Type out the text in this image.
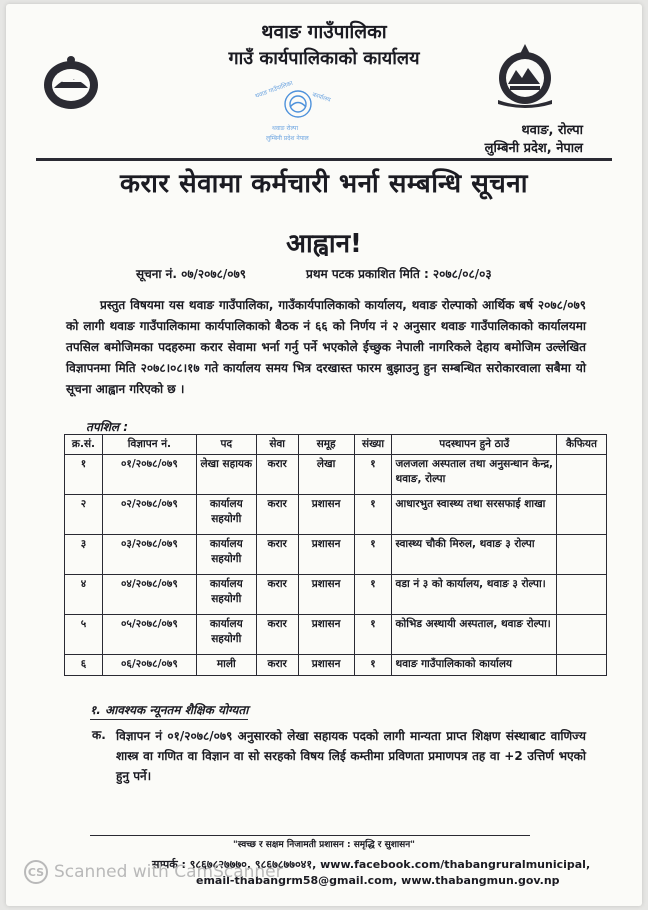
थवाङ गाउँपालिका
गाउँ कार्यपालिकाको कार्यालय
थवाङ गाउँपालिका	कार्यालय
थवाङ रोल्पा
लुम्बिनी प्रदेश नेपाल
थवाङ, रोल्पा
लुम्बिनी प्रदेश, नेपाल
करार सेवामा कर्मचारी भर्ना सम्बन्धि सूचना
आह्वान!
सूचना नं. ०७/२०७८/०७९	प्रथम पटक प्रकाशित मिति : २०७८/०८/०३

प्रस्तुत विषयमा यस थवाङ गाउँपालिका, गाउँकार्यपालिकाको कार्यालय, थवाङ रोल्पाको आर्थिक बर्ष २०७८/०७९ को लागी थवाङ गाउँपालिकामा कार्यपालिकाको बैठक नं ६६ को निर्णय नं २ अनुसार थवाङ गाउँपालिकाको कार्यालयमा तपसिल बमोजिमका पदहरुमा करार सेवामा भर्ना गर्नु पर्ने भएकोले ईच्छुक नेपाली नागरिकले देहाय बमोजिम उल्लेखित विज्ञापनमा मिति २०७८।०८।१७ गते कार्यालय समय भित्र दरखास्त फारम बुझाउनु हुन सम्बन्धित सरोकारवाला सबैमा यो सूचना आह्वान गरिएको छ ।

तपशिल :
क्र.सं.	विज्ञापन नं.	पद	सेवा	समूह	संख्या	पदस्थापन हुने ठाउँ	कैफियत
१	०१/२०७८/०७९	लेखा सहायक	करार	लेखा	१	जलजला अस्पताल तथा अनुसन्धान केन्द्र, थवाङ, रोल्पा	
२	०२/२०७८/०७९	कार्यालय सहयोगी	करार	प्रशासन	१	आधारभुत स्वास्थ्य तथा सरसफाई शाखा	
३	०३/२०७८/०७९	कार्यालय सहयोगी	करार	प्रशासन	१	स्वास्थ्य चौकी मिरुल, थवाङ ३ रोल्पा	
४	०४/२०७८/०७९	कार्यालय सहयोगी	करार	प्रशासन	१	वडा नं ३ को कार्यालय, थवाङ ३ रोल्पा।	
५	०५/२०७८/०७९	कार्यालय सहयोगी	करार	प्रशासन	१	कोभिड अस्थायी अस्पताल, थवाङ रोल्पा।	
६	०६/२०७८/०७९	माली	करार	प्रशासन	१	थवाङ गाउँपालिकाको कार्यालय	
१. आवश्यक न्यूनतम शैक्षिक योग्यता
क. विज्ञापन नं ०१/२०७८/०७९ अनुसारको लेखा सहायक पदको लागी मान्यता प्राप्त शिक्षण संस्थाबाट वाणिज्य शास्त्र वा गणित वा विज्ञान वा सो सरहको विषय लिई कम्तीमा प्रविणता प्रमाणपत्र तह वा +2 उत्तिर्ण भएको हुनु पर्ने।

"स्वच्छ र सक्षम निजामती प्रशासन : समृद्धि र सुशासन"
सम्पर्क : ९८६७८२७७७०, ९८६७८७७०४१, www.facebook.com/thabangruralmunicipal,
email-thabangrm58@gmail.com, www.thabangmun.gov.np
CS Scanned with CamScanner
